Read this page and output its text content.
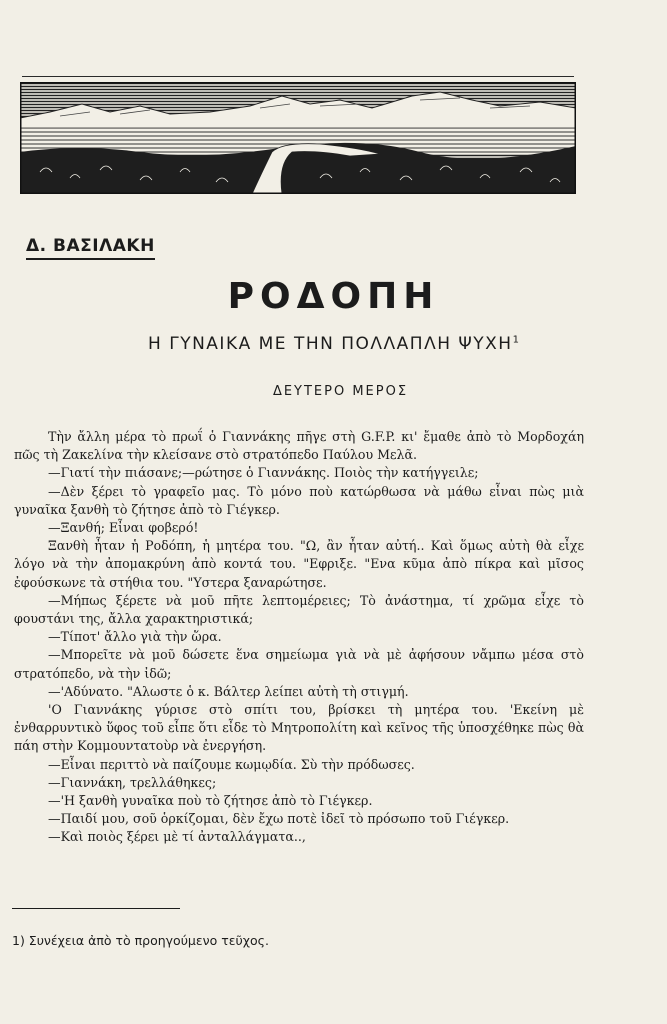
Δ. ΒΑΣΙΛΑΚΗ
ΡΟΔΟΠΗ
Η ΓΥΝΑΙΚΑ ΜΕ ΤΗΝ ΠΟΛΛΑΠΛΗ ΨΥΧΗ$^1$
ΔΕΥΤΕΡΟ ΜΕΡΟΣ

Τὴν ἄλλη μέρα τὸ πρωΐ ὁ Γιαννάκης πῆγε στὴ G.F.P. κι' ἔμαθε ἀπὸ τὸ Μορδοχάη πῶς τὴ Ζακελίνα τὴν κλείσανε στὸ στρατόπεδο Παύλου Μελᾶ.

—Γιατί τὴν πιάσανε;—ρώτησε ὁ Γιαννάκης. Ποιὸς τὴν κατήγγειλε;

—Δὲν ξέρει τὸ γραφεῖο μας. Τὸ μόνο ποὺ κατώρθωσα νὰ μάθω εἶναι πὼς μιὰ γυναῖκα ξανθὴ τὸ ζήτησε ἀπὸ τὸ Γιέγκερ.

—Ξανθή; Εἶναι φοβερό!

Ξανθὴ ἦταν ἡ Ροδόπη, ἡ μητέρα του. "Ω, ἂν ἦταν αὐτή.. Καὶ ὅμως αὐτὴ θὰ εἶχε λόγο νὰ τὴν ἀπομακρύνη ἀπὸ κοντά του. "Εφριξε. "Ενα κῦμα ἀπὸ πίκρα καὶ μῖσος ἐφούσκωνε τὰ στήθια του. "Υστερα ξαναρώτησε.

—Μήπως ξέρετε νὰ μοῦ πῆτε λεπτομέρειες; Τὸ ἀνάστημα, τί χρῶμα εἶχε τὸ φουστάνι της, ἄλλα χαρακτηριστικά;

—Τίποτ' ἄλλο γιὰ τὴν ὥρα.

—Μπορεῖτε νὰ μοῦ δώσετε ἕνα σημείωμα γιὰ νὰ μὲ ἀφήσουν νἄμπω μέσα στὸ στρατόπεδο, νὰ τὴν ἰδῶ;

—'Αδύνατο. "Αλωστε ὁ κ. Βάλτερ λείπει αὐτὴ τὴ στιγμή.

'Ο Γιαννάκης γύρισε στὸ σπίτι του, βρίσκει τὴ μητέρα του. 'Εκείνη μὲ ἐνθαρρυντικὸ ὕφος τοῦ εἶπε ὅτι εἶδε τὸ Μητροπολίτη καὶ κεῖνος τῆς ὑποσχέθηκε πὼς θὰ πάη στὴν Κομμουντατοὺρ νὰ ἐνεργήση.

—Εἶναι περιττὸ νὰ παίζουμε κωμῳδία. Σὺ τὴν πρόδωσες.

—Γιαννάκη, τρελλάθηκες;

—'Η ξανθὴ γυναῖκα ποὺ τὸ ζήτησε ἀπὸ τὸ Γιέγκερ.

—Παιδί μου, σοῦ ὁρκίζομαι, δὲν ἔχω ποτὲ ἰδεῖ τὸ πρόσωπο τοῦ Γιέγκερ.

—Καὶ ποιὸς ξέρει μὲ τί ἀνταλλάγματα..,

1) Συνέχεια ἀπὸ τὸ προηγούμενο τεῦχος.
